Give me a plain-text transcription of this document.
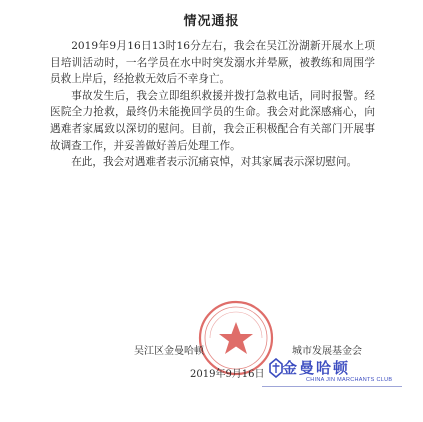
情况通报

2019年9月16日13时16分左右，我会在吴江汾湖新开展水上项目培训活动时，一名学员在水中时突发溺水并晕厥，被教练和周围学员救上岸后，经抢救无效后不幸身亡。

事故发生后，我会立即组织救援并拨打急救电话，同时报警。经医院全力抢救，最终仍未能挽回学员的生命。我会对此深感痛心，向遇难者家属致以深切的慰问。目前，我会正积极配合有关部门开展事故调查工作，并妥善做好善后处理工作。

在此，我会对遇难者表示沉痛哀悼，对其家属表示深切慰问。

吴江区金曼哈顿	城市发展基金会
2019年9月16日 金曼哈顿
CHINA JIN MARCHANTS CLUB
